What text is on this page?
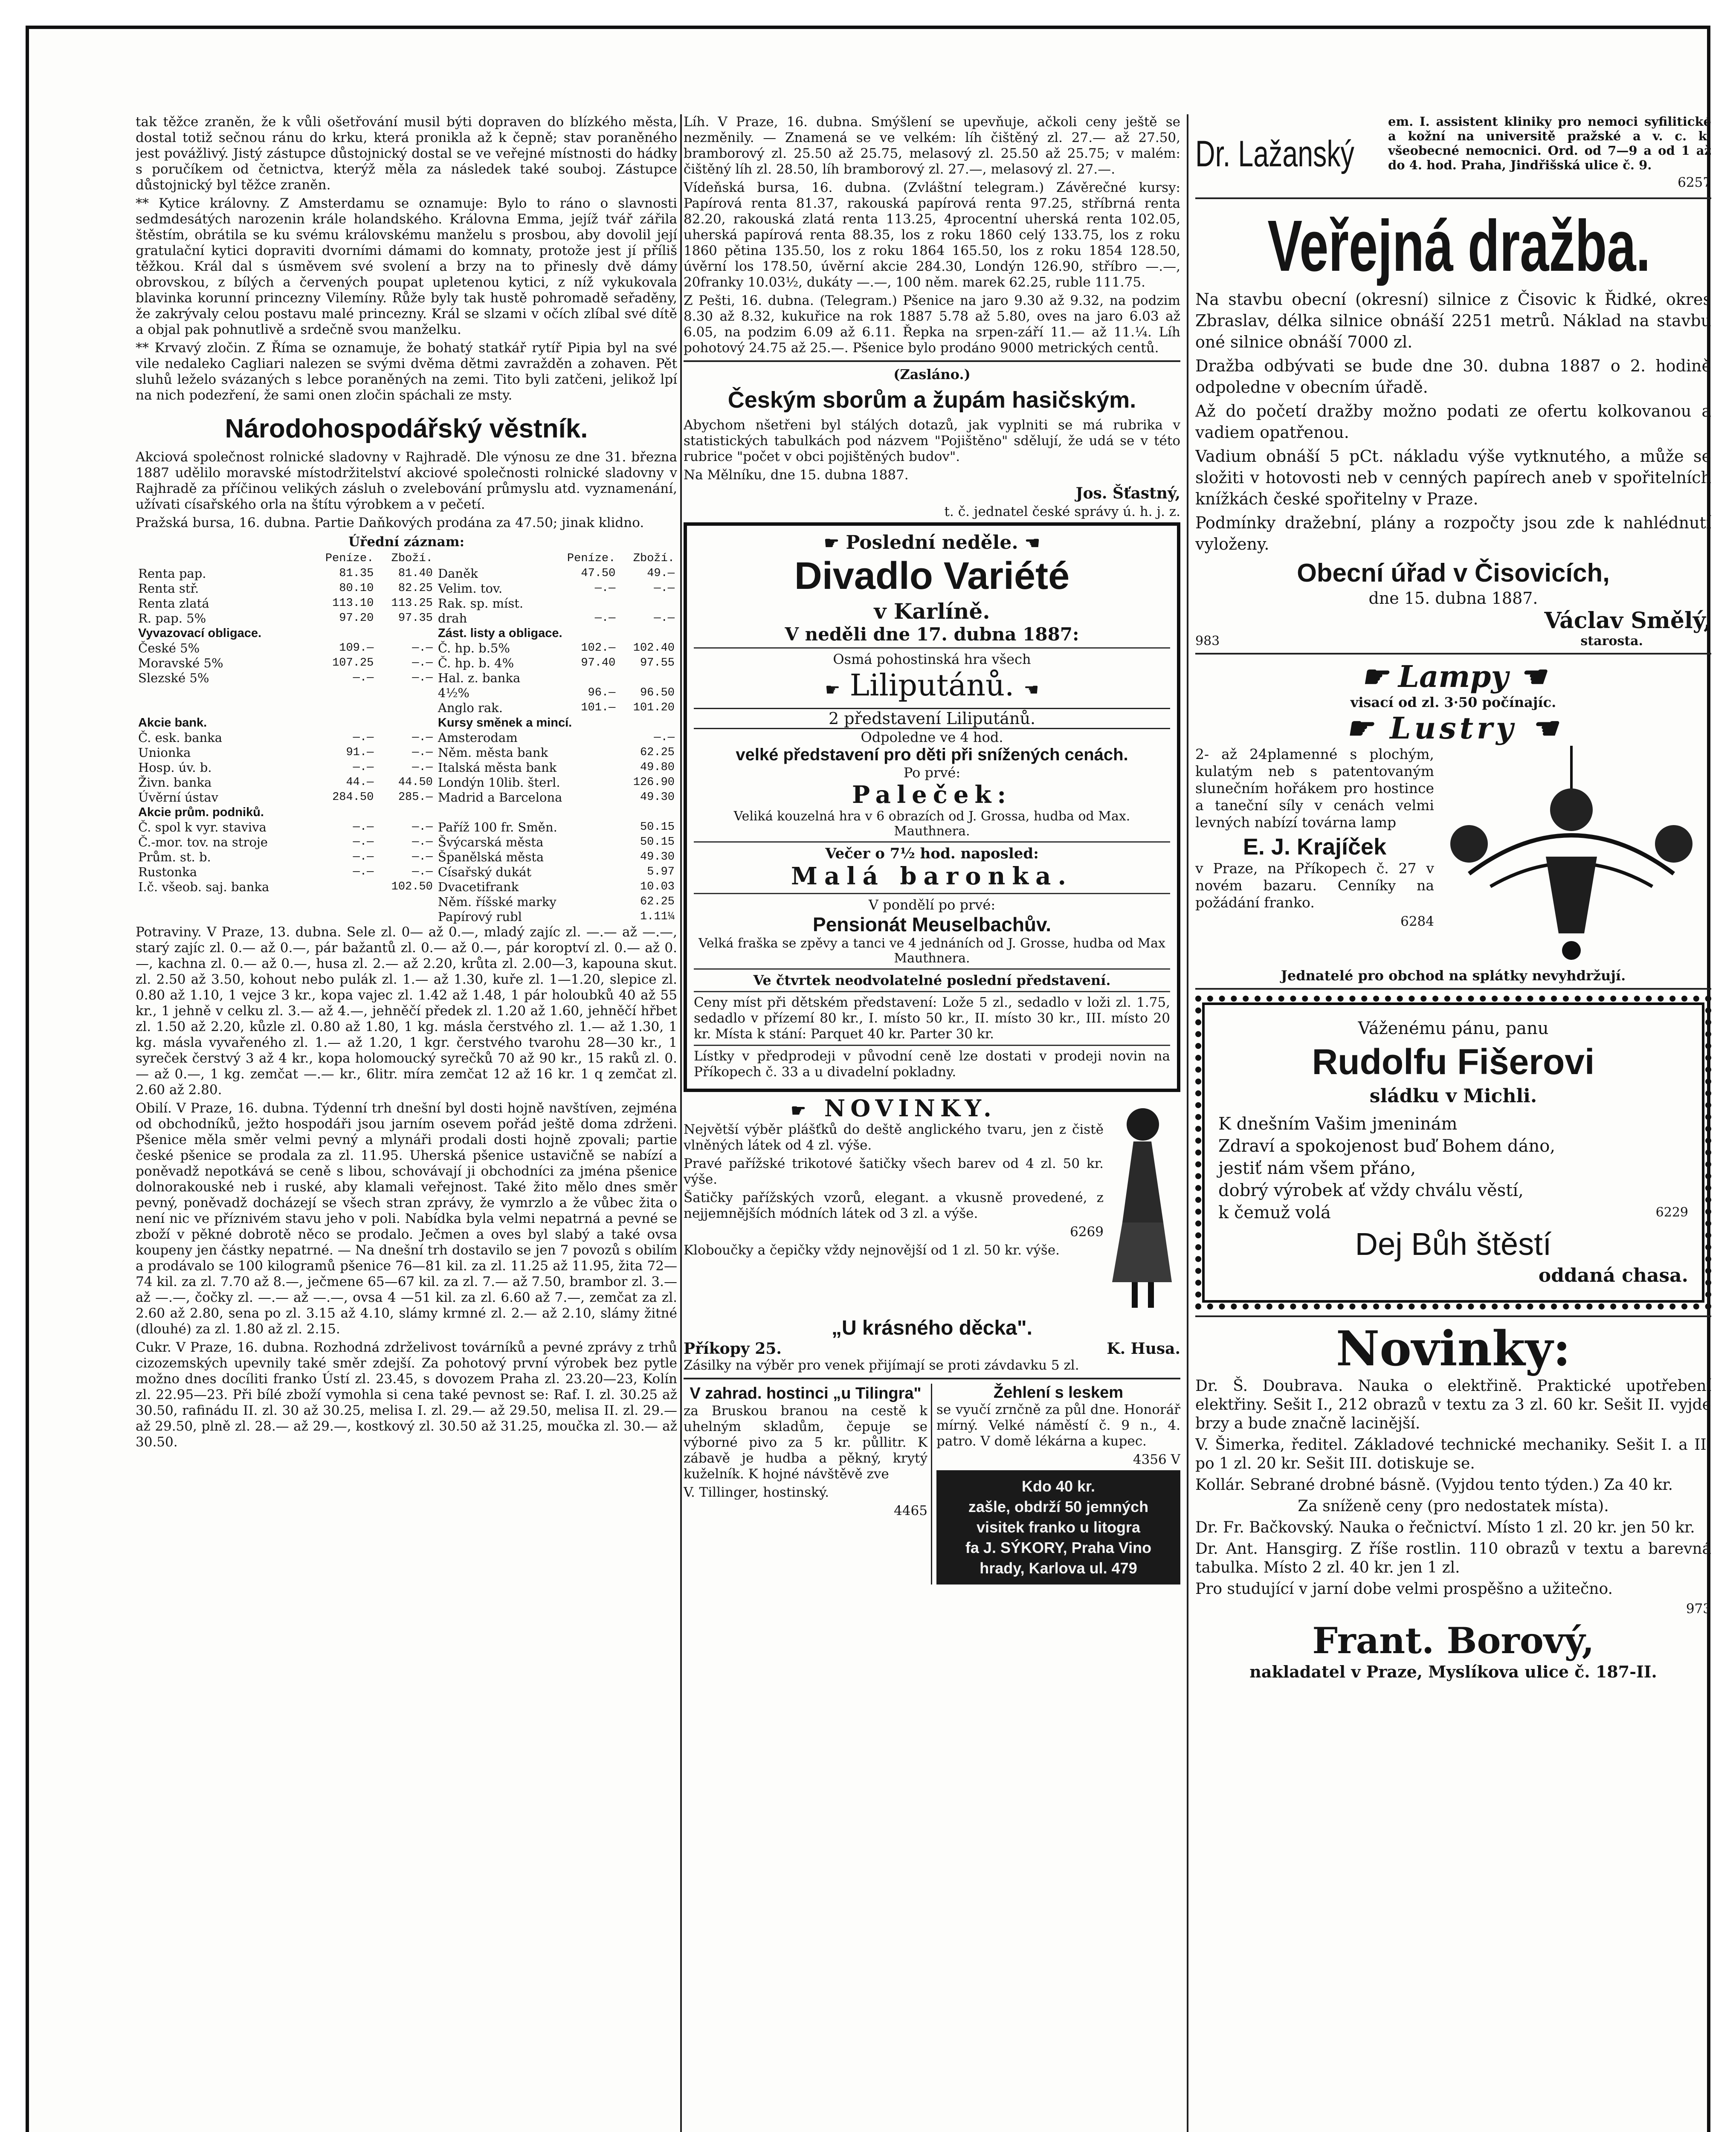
tak těžce zraněn, že k vůli ošetřování musil býti dopraven do blízkého města, dostal totiž sečnou ránu do krku, která pronikla až k čepně; stav poraněného jest povážlivý. Jistý zástupce důstojnický dostal se ve veřejné místnosti do hádky s poručíkem od četnictva, kterýž měla za následek také souboj. Zástupce důstojnický byl těžce zraněn.

** Kytice královny. Z Amsterdamu se oznamuje: Bylo to ráno o slavnosti sedmdesátých narozenin krále holandského. Královna Emma, jejíž tvář zářila štěstím, obrátila se ku svému královskému manželu s prosbou, aby dovolil její gratulační kytici dopraviti dvorními dámami do komnaty, protože jest jí příliš těžkou. Král dal s úsměvem své svolení a brzy na to přinesly dvě dámy obrovskou, z bílých a červených poupat upletenou kytici, z níž vykukovala blavinka korunní princezny Vilemíny. Růže byly tak hustě pohromadě seřaděny, že zakrývaly celou postavu malé princezny. Král se slzami v očích zlíbal své dítě a objal pak pohnutlivě a srdečně svou manželku.

** Krvavý zločin. Z Říma se oznamuje, že bohatý statkář rytíř Pipia byl na své vile nedaleko Cagliari nalezen se svými dvěma dětmi zavražděn a zohaven. Pět sluhů leželo svázaných s lebce poraněných na zemi. Tito byli zatčeni, jelikož lpí na nich podezření, že sami onen zločin spáchali ze msty.

Národohospodářský věstník.

Akciová společnost rolnické sladovny v Rajhradě. Dle výnosu ze dne 31. března 1887 udělilo moravské místodržitelství akciové společnosti rolnické sladovny v Rajhradě za příčinou velikých zásluh o zvelebování průmyslu atd. vyznamenání, užívati císařského orla na štítu výrobkem a v pečetí.

Pražská bursa, 16. dubna. Partie Daňkových prodána za 47.50; jinak klidno.

Úřední záznam:
	Peníze.	Zboží.		Peníze.	Zboží.
Renta pap.	81.35	81.40	Daněk	47.50	49.—
Renta stř.	80.10	82.25	Velim. tov.	—.—	—.—
Renta zlatá	113.10	113.25	Rak. sp. míst.		
R. pap. 5%	97.20	97.35	drah	—.—	—.—
Vyvazovací obligace.			Zást. listy a obligace.		
České 5%	109.—	—.—	Č. hp. b.5%	102.—	102.40
Moravské 5%	107.25	—.—	Č. hp. b. 4%	97.40	97.55
Slezské 5%	—.—	—.—	Hal. z. banka		
			4½%	96.—	96.50
			Anglo rak.	101.—	101.20
Akcie bank.			Kursy směnek a mincí.		
Č. esk. banka	—.—	—.—	Amsterodam		—.—
Unionka	91.—	—.—	Něm. města bank		62.25
Hosp. úv. b.	—.—	—.—	Italská města bank		49.80
Živn. banka	44.—	44.50	Londýn 10lib. šterl.		126.90
Úvěrní ústav	284.50	285.—	Madrid a Barcelona		49.30
Akcie prům. podniků.					
Č. spol k vyr. staviva	—.—	—.—	Paříž 100 fr. Směn.		50.15
Č.-mor. tov. na stroje	—.—	—.—	Švýcarská města		50.15
Prům. st. b.	—.—	—.—	Španělská města		49.30
Rustonka	—.—	—.—	Císařský dukát		5.97
I.č. všeob. saj. banka		102.50	Dvacetifrank		10.03
			Něm. říšské marky		62.25
			Papírový rubl		1.11¼

Potraviny. V Praze, 13. dubna. Sele zl. 0— až 0.—, mladý zajíc zl. —.— až —.—, starý zajíc zl. 0.— až 0.—, pár bažantů zl. 0.— až 0.—, pár koroptví zl. 0.— až 0.—, kachna zl. 0.— až 0.—, husa zl. 2.— až 2.20, krůta zl. 2.00—3, kapouna skut. zl. 2.50 až 3.50, kohout nebo pulák zl. 1.— až 1.30, kuře zl. 1—1.20, slepice zl. 0.80 až 1.10, 1 vejce 3 kr., kopa vajec zl. 1.42 až 1.48, 1 pár holoubků 40 až 55 kr., 1 jehně v celku zl. 3.— až 4.—, jehněčí předek zl. 1.20 až 1.60, jehněčí hřbet zl. 1.50 až 2.20, kůzle zl. 0.80 až 1.80, 1 kg. másla čerstvého zl. 1.— až 1.30, 1 kg. másla vyvařeného zl. 1.— až 1.20, 1 kgr. čerstvého tvarohu 28—30 kr., 1 syreček čerstvý 3 až 4 kr., kopa holomoucký syrečků 70 až 90 kr., 15 raků zl. 0.— až 0.—, 1 kg. zemčat —.— kr., 6litr. míra zemčat 12 až 16 kr. 1 q zemčat zl. 2.60 až 2.80.

Obilí. V Praze, 16. dubna. Týdenní trh dnešní byl dosti hojně navštíven, zejména od obchodníků, ježto hospodáři jsou jarním osevem pořád ještě doma zdrženi. Pšenice měla směr velmi pevný a mlynáři prodali dosti hojně zpovali; partie české pšenice se prodala za zl. 11.95. Uherská pšenice ustavičně se nabízí a poněvadž nepotkává se ceně s libou, schovávají ji obchodníci za jména pšenice dolnorakouské neb i ruské, aby klamali veřejnost. Také žito mělo dnes směr pevný, poněvadž docházejí se všech stran zprávy, že vymrzlo a že vůbec žita o není nic ve příznivém stavu jeho v poli. Nabídka byla velmi nepatrná a pevné se zboží v pěkné dobrotě něco se prodalo. Ječmen a oves byl slabý a také ovsa koupeny jen částky nepatrné. — Na dnešní trh dostavilo se jen 7 povozů s obilím a prodávalo se 100 kilogramů pšenice 76—81 kil. za zl. 11.25 až 11.95, žita 72—74 kil. za zl. 7.70 až 8.—, ječmene 65—67 kil. za zl. 7.— až 7.50, brambor zl. 3.— až —.—, čočky zl. —.— až —.—, ovsa 4 —51 kil. za zl. 6.60 až 7.—, zemčat za zl. 2.60 až 2.80, sena po zl. 3.15 až 4.10, slámy krmné zl. 2.— až 2.10, slámy žitné (dlouhé) za zl. 1.80 až zl. 2.15.

Cukr. V Praze, 16. dubna. Rozhodná zdrželivost továrníků a pevné zprávy z trhů cizozemských upevnily také směr zdejší. Za pohotový první výrobek bez pytle možno dnes docíliti franko Ústí zl. 23.45, s dovozem Praha zl. 23.20—23, Kolín zl. 22.95—23. Při bílé zboží vymohla si cena také pevnost se: Raf. I. zl. 30.25 až 30.50, rafinádu II. zl. 30 až 30.25, melisa I. zl. 29.— až 29.50, melisa II. zl. 29.— až 29.50, plně zl. 28.— až 29.—, kostkový zl. 30.50 až 31.25, moučka zl. 30.— až 30.50.

Líh. V Praze, 16. dubna. Smýšlení se upevňuje, ačkoli ceny ještě se nezměnily. — Znamená se ve velkém: líh čištěný zl. 27.— až 27.50, bramborový zl. 25.50 až 25.75, melasový zl. 25.50 až 25.75; v malém: čištěný líh zl. 28.50, líh bramborový zl. 27.—, melasový zl. 27.—.

Vídeňská bursa, 16. dubna. (Zvláštní telegram.) Závěrečné kursy: Papírová renta 81.37, rakouská papírová renta 97.25, stříbrná renta 82.20, rakouská zlatá renta 113.25, 4procentní uherská renta 102.05, uherská papírová renta 88.35, los z roku 1860 celý 133.75, los z roku 1860 pětina 135.50, los z roku 1864 165.50, los z roku 1854 128.50, úvěrní los 178.50, úvěrní akcie 284.30, Londýn 126.90, stříbro —.—, 20franky 10.03½, dukáty —.—, 100 něm. marek 62.25, ruble 111.75.

Z Pešti, 16. dubna. (Telegram.) Pšenice na jaro 9.30 až 9.32, na podzim 8.30 až 8.32, kukuřice na rok 1887 5.78 až 5.80, oves na jaro 6.03 až 6.05, na podzim 6.09 až 6.11. Řepka na srpen-září 11.— až 11.¼. Líh pohotový 24.75 až 25.—. Pšenice bylo prodáno 9000 metrických centů.

(Zasláno.)
Českým sborům a župám hasičským.

Abychom nšetřeni byl stálých dotazů, jak vyplniti se má rubrika v statistických tabulkách pod názvem "Pojištěno" sdělují, že udá se v této rubrice "počet v obci pojištěných budov".

Na Mělníku, dne 15. dubna 1887.

Jos. Šťastný,

t. č. jednatel české správy ú. h. j. z.

☛ Poslední neděle. ☚
Divadlo Variété
v Karlíně.
V neděli dne 17. dubna 1887:
Osmá pohostinská hra všech
☛ Liliputánů. ☚
2 představení Liliputánů.
Odpoledne ve 4 hod.
velké představení pro děti při snížených cenách.
Po prvé:
Paleček:
Veliká kouzelná hra v 6 obrazích od J. Grossa, hudba od Max. Mauthnera.
Večer o 7½ hod. naposled:
Malá baronka.
V pondělí po prvé:
Pensionát Meuselbachův.
Velká fraška se zpěvy a tanci ve 4 jednáních od J. Grosse, hudba od Max Mauthnera.
Ve čtvrtek neodvolatelné poslední představení.

Ceny míst při dětském představení: Lože 5 zl., sedadlo v loži zl. 1.75, sedadlo v přízemí 80 kr., I. místo 50 kr., II. místo 30 kr., III. místo 20 kr. Místa k stání: Parquet 40 kr. Parter 30 kr.

Lístky v předprodeji v původní ceně lze dostati v prodeji novin na Příkopech č. 33 a u divadelní pokladny.

☛ NOVINKY.

Největší výběr plášťků do deště anglického tvaru, jen z čistě vlněných látek od 4 zl. výše.

Pravé pařížské trikotové šatičky všech barev od 4 zl. 50 kr. výše.

Šatičky pařížských vzorů, elegant. a vkusně provedené, z nejjemnějších módních látek od 3 zl. a výše.

6269

Kloboučky a čepičky vždy nejnovější od 1 zl. 50 kr. výše.

„U krásného děcka".
Příkopy 25.	K. Husa.

Zásilky na výběr pro venek přijímají se proti závdavku 5 zl.

V zahrad. hostinci „u Tilingra"

za Bruskou branou na cestě k uhelným skladům, čepuje se výborné pivo za 5 kr. půllitr. K zábavě je hudba a pěkný, krytý kuželník. K hojné návštěvě zve

V. Tillinger, hostinský.

4465

Žehlení s leskem

se vyučí zrnčně za půl dne. Honorář mírný. Velké náměstí č. 9 n., 4. patro. V domě lékárna a kupec.

4356 V

Kdo 40 kr.
zašle, obdrží 50 jemných
visitek franko u litogra
fa J. SÝKORY, Praha Vino
hrady, Karlova ul. 479
Dr. Lažanský

em. I. assistent kliniky pro nemoci syfilitické a kožní na universitě pražské a v. c. k. všeobecné nemocnici. Ord. od 7—9 a od 1 až do 4. hod. Praha, Jindřišská ulice č. 9.

6257

Veřejná dražba.

Na stavbu obecní (okresní) silnice z Čisovic k Řidké, okres Zbraslav, délka silnice obnáší 2251 metrů. Náklad na stavbu oné silnice obnáší 7000 zl.

Dražba odbývati se bude dne 30. dubna 1887 o 2. hodině odpoledne v obecním úřadě.

Až do početí dražby možno podati ze ofertu kolkovanou a vadiem opatřenou.

Vadium obnáší 5 pCt. nákladu výše vytknutého, a může se složiti v hotovosti neb v cenných papírech aneb v spořitelních knížkách české spořitelny v Praze.

Podmínky dražební, plány a rozpočty jsou zde k nahlédnutí vyloženy.

Obecní úřad v Čisovicích,
dne 15. dubna 1887.
Václav Smělý,
983	starosta.
☛ Lampy ☚
visací od zl. 3·50 počínajíc.
☛ Lustry ☚

2- až 24plamenné s plochým, kulatým neb s patentovaným slunečním hořákem pro hostince a taneční síly v cenách velmi levných nabízí továrna lamp

E. J. Krajíček

v Praze, na Příkopech č. 27 v novém bazaru. Cenníky na požádání franko.

6284

Jednatelé pro obchod na splátky nevyhdržují.
Váženému pánu, panu
Rudolfu Fišerovi
sládku v Michli.
K dnešním Vašim jmeninám
Zdraví a spokojenost buď Bohem dáno,
jestiť nám všem přáno,
dobrý výrobek ať vždy chválu věstí,
k čemuž volá	6229
Dej Bůh štěstí
oddaná chasa.
Novinky:

Dr. Š. Doubrava. Nauka o elektřině. Praktické upotřebení elektřiny. Sešit I., 212 obrazů v textu za 3 zl. 60 kr. Sešit II. vyjde brzy a bude značně lacinější.

V. Šimerka, ředitel. Základové technické mechaniky. Sešit I. a II. po 1 zl. 20 kr. Sešit III. dotiskuje se.

Kollár. Sebrané drobné básně. (Vyjdou tento týden.) Za 40 kr.

Za sníženě ceny (pro nedostatek místa).

Dr. Fr. Bačkovský. Nauka o řečnictví. Místo 1 zl. 20 kr. jen 50 kr.

Dr. Ant. Hansgirg. Z říše rostlin. 110 obrazů v textu a barevná tabulka. Místo 2 zl. 40 kr. jen 1 zl.

Pro studující v jarní dobe velmi prospěšno a užitečno.

973

Frant. Borový,
nakladatel v Praze, Myslíkova ulice č. 187-II.
